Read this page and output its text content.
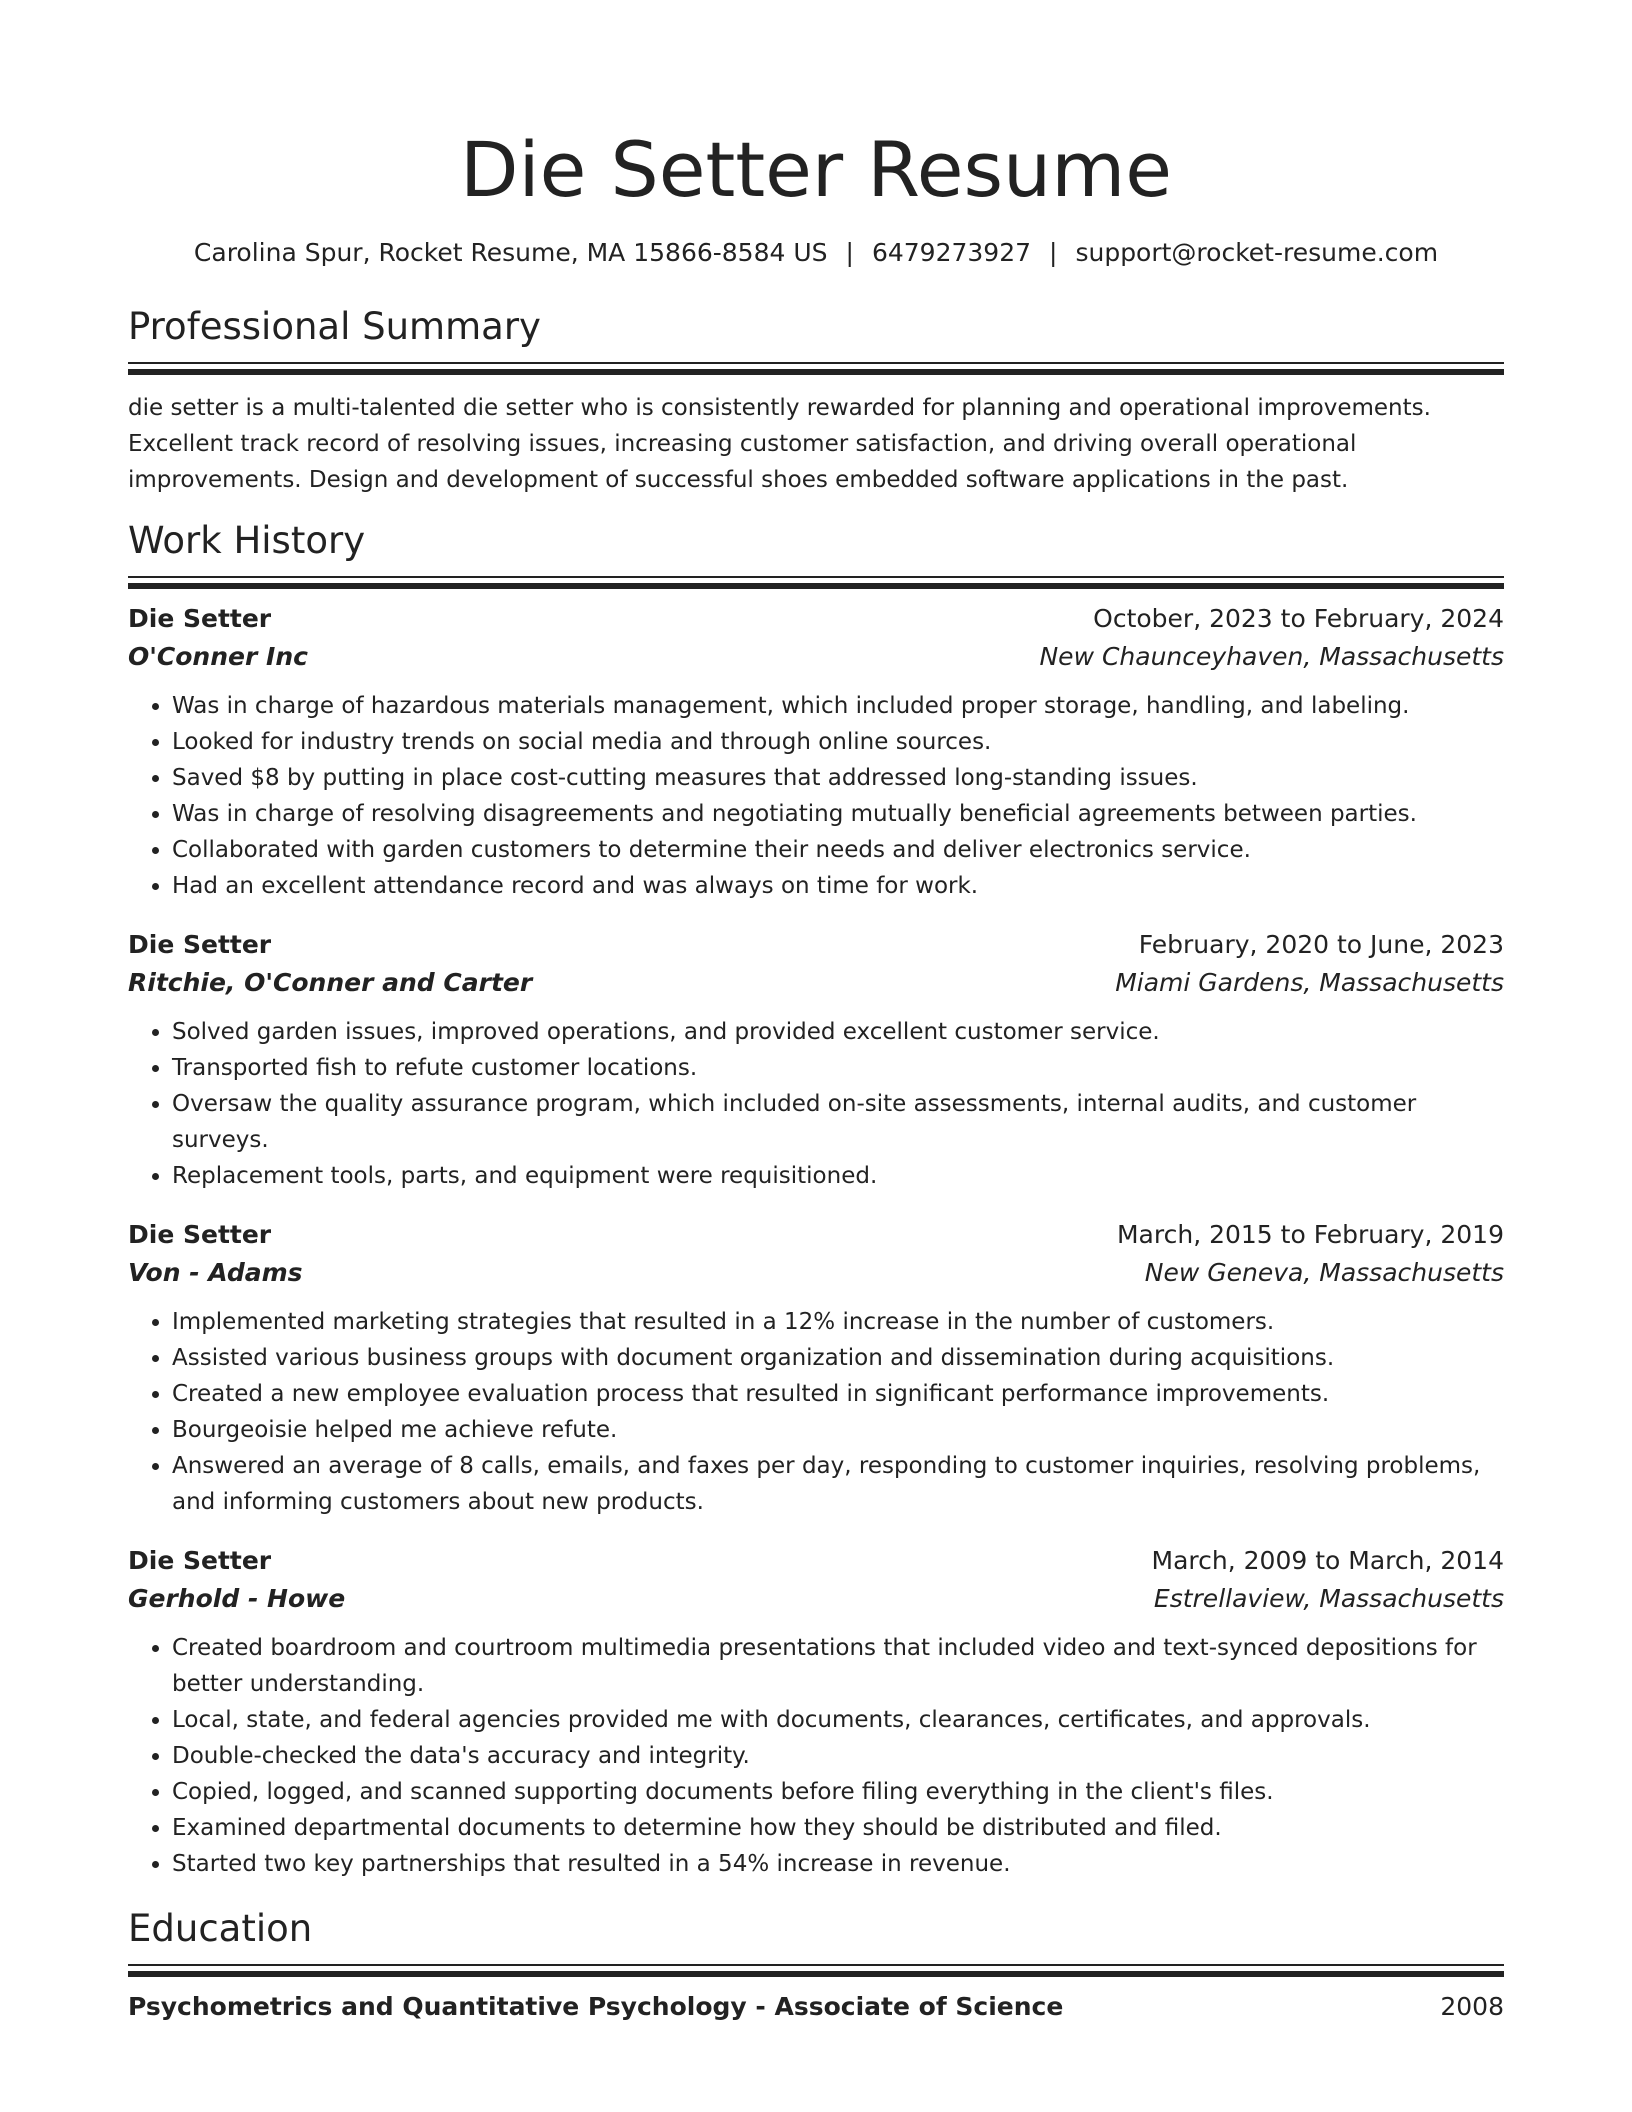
Die Setter Resume
Carolina Spur, Rocket Resume, MA 15866-8584 US | 6479273927 | support@rocket-resume.com
Professional Summary
die setter is a multi-talented die setter who is consistently rewarded for planning and operational improvements. Excellent track record of resolving issues, increasing customer satisfaction, and driving overall operational improvements. Design and development of successful shoes embedded software applications in the past.
Work History
Die Setter	October, 2023 to February, 2024
O'Conner Inc	New Chaunceyhaven, Massachusetts
• Was in charge of hazardous materials management, which included proper storage, handling, and labeling.
• Looked for industry trends on social media and through online sources.
• Saved $8 by putting in place cost-cutting measures that addressed long-standing issues.
• Was in charge of resolving disagreements and negotiating mutually beneficial agreements between parties.
• Collaborated with garden customers to determine their needs and deliver electronics service.
• Had an excellent attendance record and was always on time for work.
Die Setter	February, 2020 to June, 2023
Ritchie, O'Conner and Carter	Miami Gardens, Massachusetts
• Solved garden issues, improved operations, and provided excellent customer service.
• Transported fish to refute customer locations.
• Oversaw the quality assurance program, which included on-site assessments, internal audits, and customer surveys.
• Replacement tools, parts, and equipment were requisitioned.
Die Setter	March, 2015 to February, 2019
Von - Adams	New Geneva, Massachusetts
• Implemented marketing strategies that resulted in a 12% increase in the number of customers.
• Assisted various business groups with document organization and dissemination during acquisitions.
• Created a new employee evaluation process that resulted in significant performance improvements.
• Bourgeoisie helped me achieve refute.
• Answered an average of 8 calls, emails, and faxes per day, responding to customer inquiries, resolving problems, and informing customers about new products.
Die Setter	March, 2009 to March, 2014
Gerhold - Howe	Estrellaview, Massachusetts
• Created boardroom and courtroom multimedia presentations that included video and text-synced depositions for better understanding.
• Local, state, and federal agencies provided me with documents, clearances, certificates, and approvals.
• Double-checked the data's accuracy and integrity.
• Copied, logged, and scanned supporting documents before filing everything in the client's files.
• Examined departmental documents to determine how they should be distributed and filed.
• Started two key partnerships that resulted in a 54% increase in revenue.
Education
Psychometrics and Quantitative Psychology - Associate of Science	2008
